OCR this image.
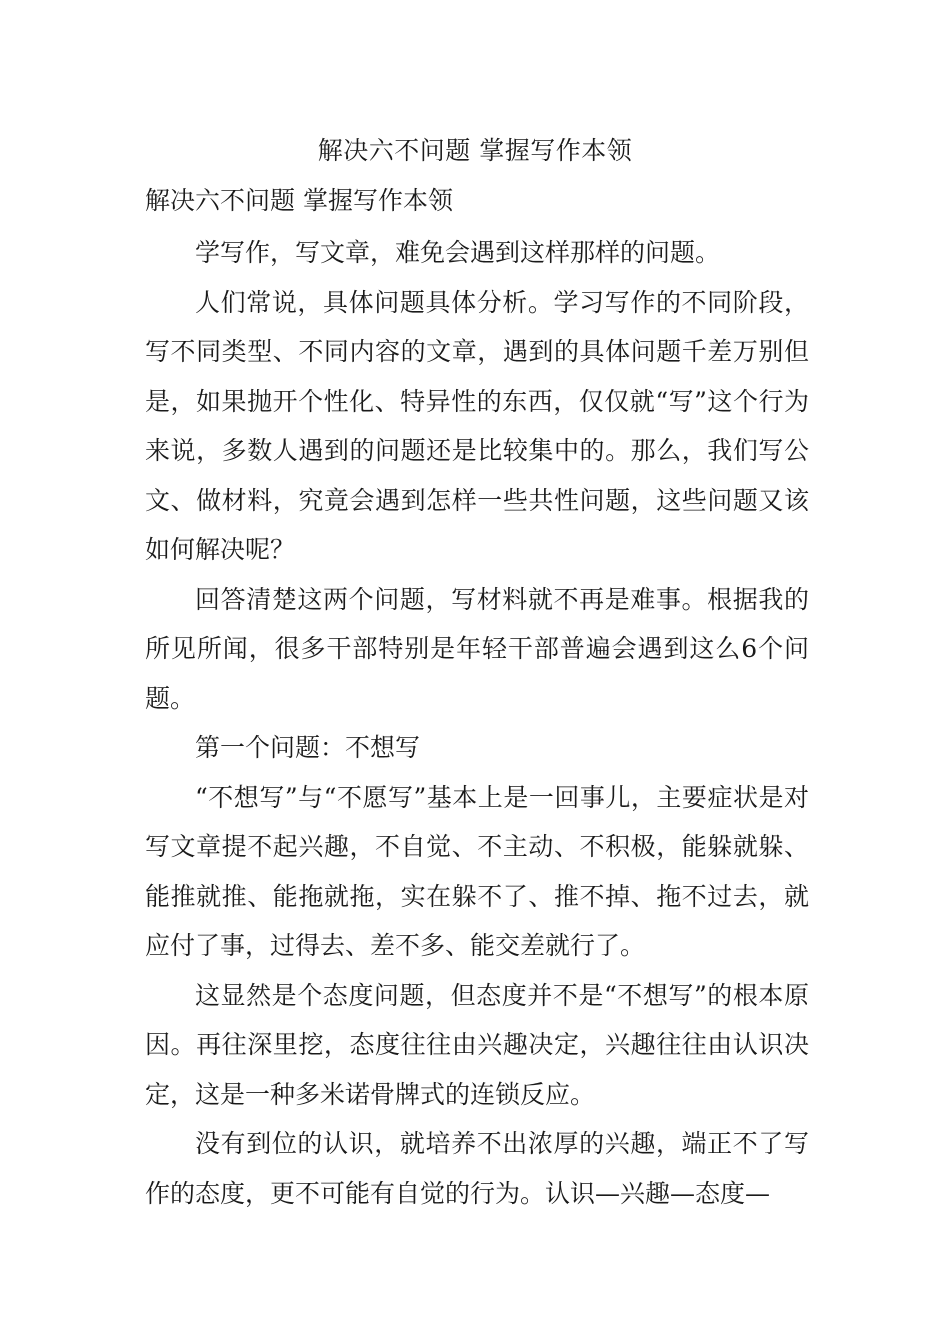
解决六不问题 掌握写作本领

解决六不问题 掌握写作本领

学写作，写文章，难免会遇到这样那样的问题。

人们常说，具体问题具体分析。学习写作的不同阶段，写不同类型、不同内容的文章，遇到的具体问题千差万别但是，如果抛开个性化、特异性的东西，仅仅就“写”这个行为来说，多数人遇到的问题还是比较集中的。那么，我们写公文、做材料，究竟会遇到怎样一些共性问题，这些问题又该如何解决呢？

回答清楚这两个问题，写材料就不再是难事。根据我的所见所闻，很多干部特别是年轻干部普遍会遇到这么6个问题。

第一个问题：不想写

“不想写”与“不愿写”基本上是一回事儿，主要症状是对写文章提不起兴趣，不自觉、不主动、不积极，能躲就躲、能推就推、能拖就拖，实在躲不了、推不掉、拖不过去，就应付了事，过得去、差不多、能交差就行了。

这显然是个态度问题，但态度并不是“不想写”的根本原因。再往深里挖，态度往往由兴趣决定，兴趣往往由认识决定，这是一种多米诺骨牌式的连锁反应。

没有到位的认识，就培养不出浓厚的兴趣，端正不了写作的态度，更不可能有自觉的行为。认识—兴趣—态度—
